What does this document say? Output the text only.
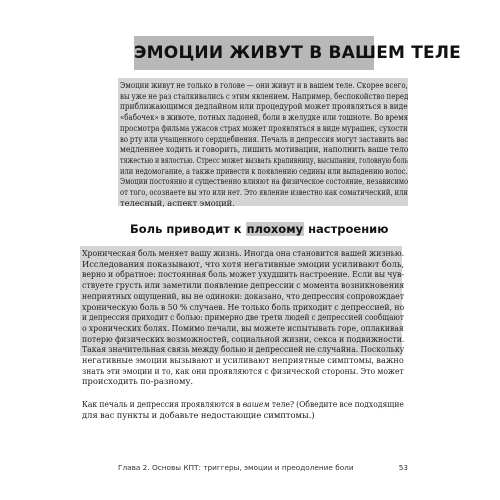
ЭМОЦИИ ЖИВУТ В ВАШЕМ ТЕЛЕ
Эмоции живут не только в голове — они живут и в вашем теле. Скорее всего,
вы уже не раз сталкивались с этим явлением. Например, беспокойство перед
приближающимся дедлайном или процедурой может проявляться в виде
«бабочек» в животе, потных ладоней, боли в желудке или тошноте. Во время
просмотра фильма ужасов страх может проявляться в виде мурашек, сухости
во рту или учащенного сердцебиения. Печаль и депрессия могут заставить вас
медленнее ходить и говорить, лишить мотивации, наполнить ваше тело
тяжестью и вялостью. Стресс может вызвать крапивницу, высыпания, головную боль
или недомогание, а также привести к появлению седины или выпадению волос.
Эмоции постоянно и существенно влияют на физическое состояние, независимо
от того, осознаете вы это или нет. Это явление известно как соматический, или
телесный, аспект эмоций.
Боль приводит к плохому настроению
Хроническая боль меняет вашу жизнь. Иногда она становится вашей жизнью.
Исследования показывают, что хотя негативные эмоции усиливают боль,
верно и обратное: постоянная боль может ухудшить настроение. Если вы чув-
ствуете грусть или заметили появление депрессии с момента возникновения
неприятных ощущений, вы не одиноки: доказано, что депрессия сопровождает
хроническую боль в 50 % случаев. Не только боль приходит с депрессией, но
и депрессия приходит с болью: примерно две трети людей с депрессией сообщают
о хронических болях. Помимо печали, вы можете испытывать горе, оплакивая
потерю физических возможностей, социальной жизни, секса и подвижности.
Такая значительная связь между болью и депрессией не случайна. Поскольку
негативные эмоции вызывают и усиливают неприятные симптомы, важно
знать эти эмоции и то, как они проявляются с физической стороны. Это может
происходить по-разному.
Как печаль и депрессия проявляются в вашем теле? (Обведите все подходящие
для вас пункты и добавьте недостающие симптомы.)
Глава 2. Основы КПТ: триггеры, эмоции и преодоление боли	53
